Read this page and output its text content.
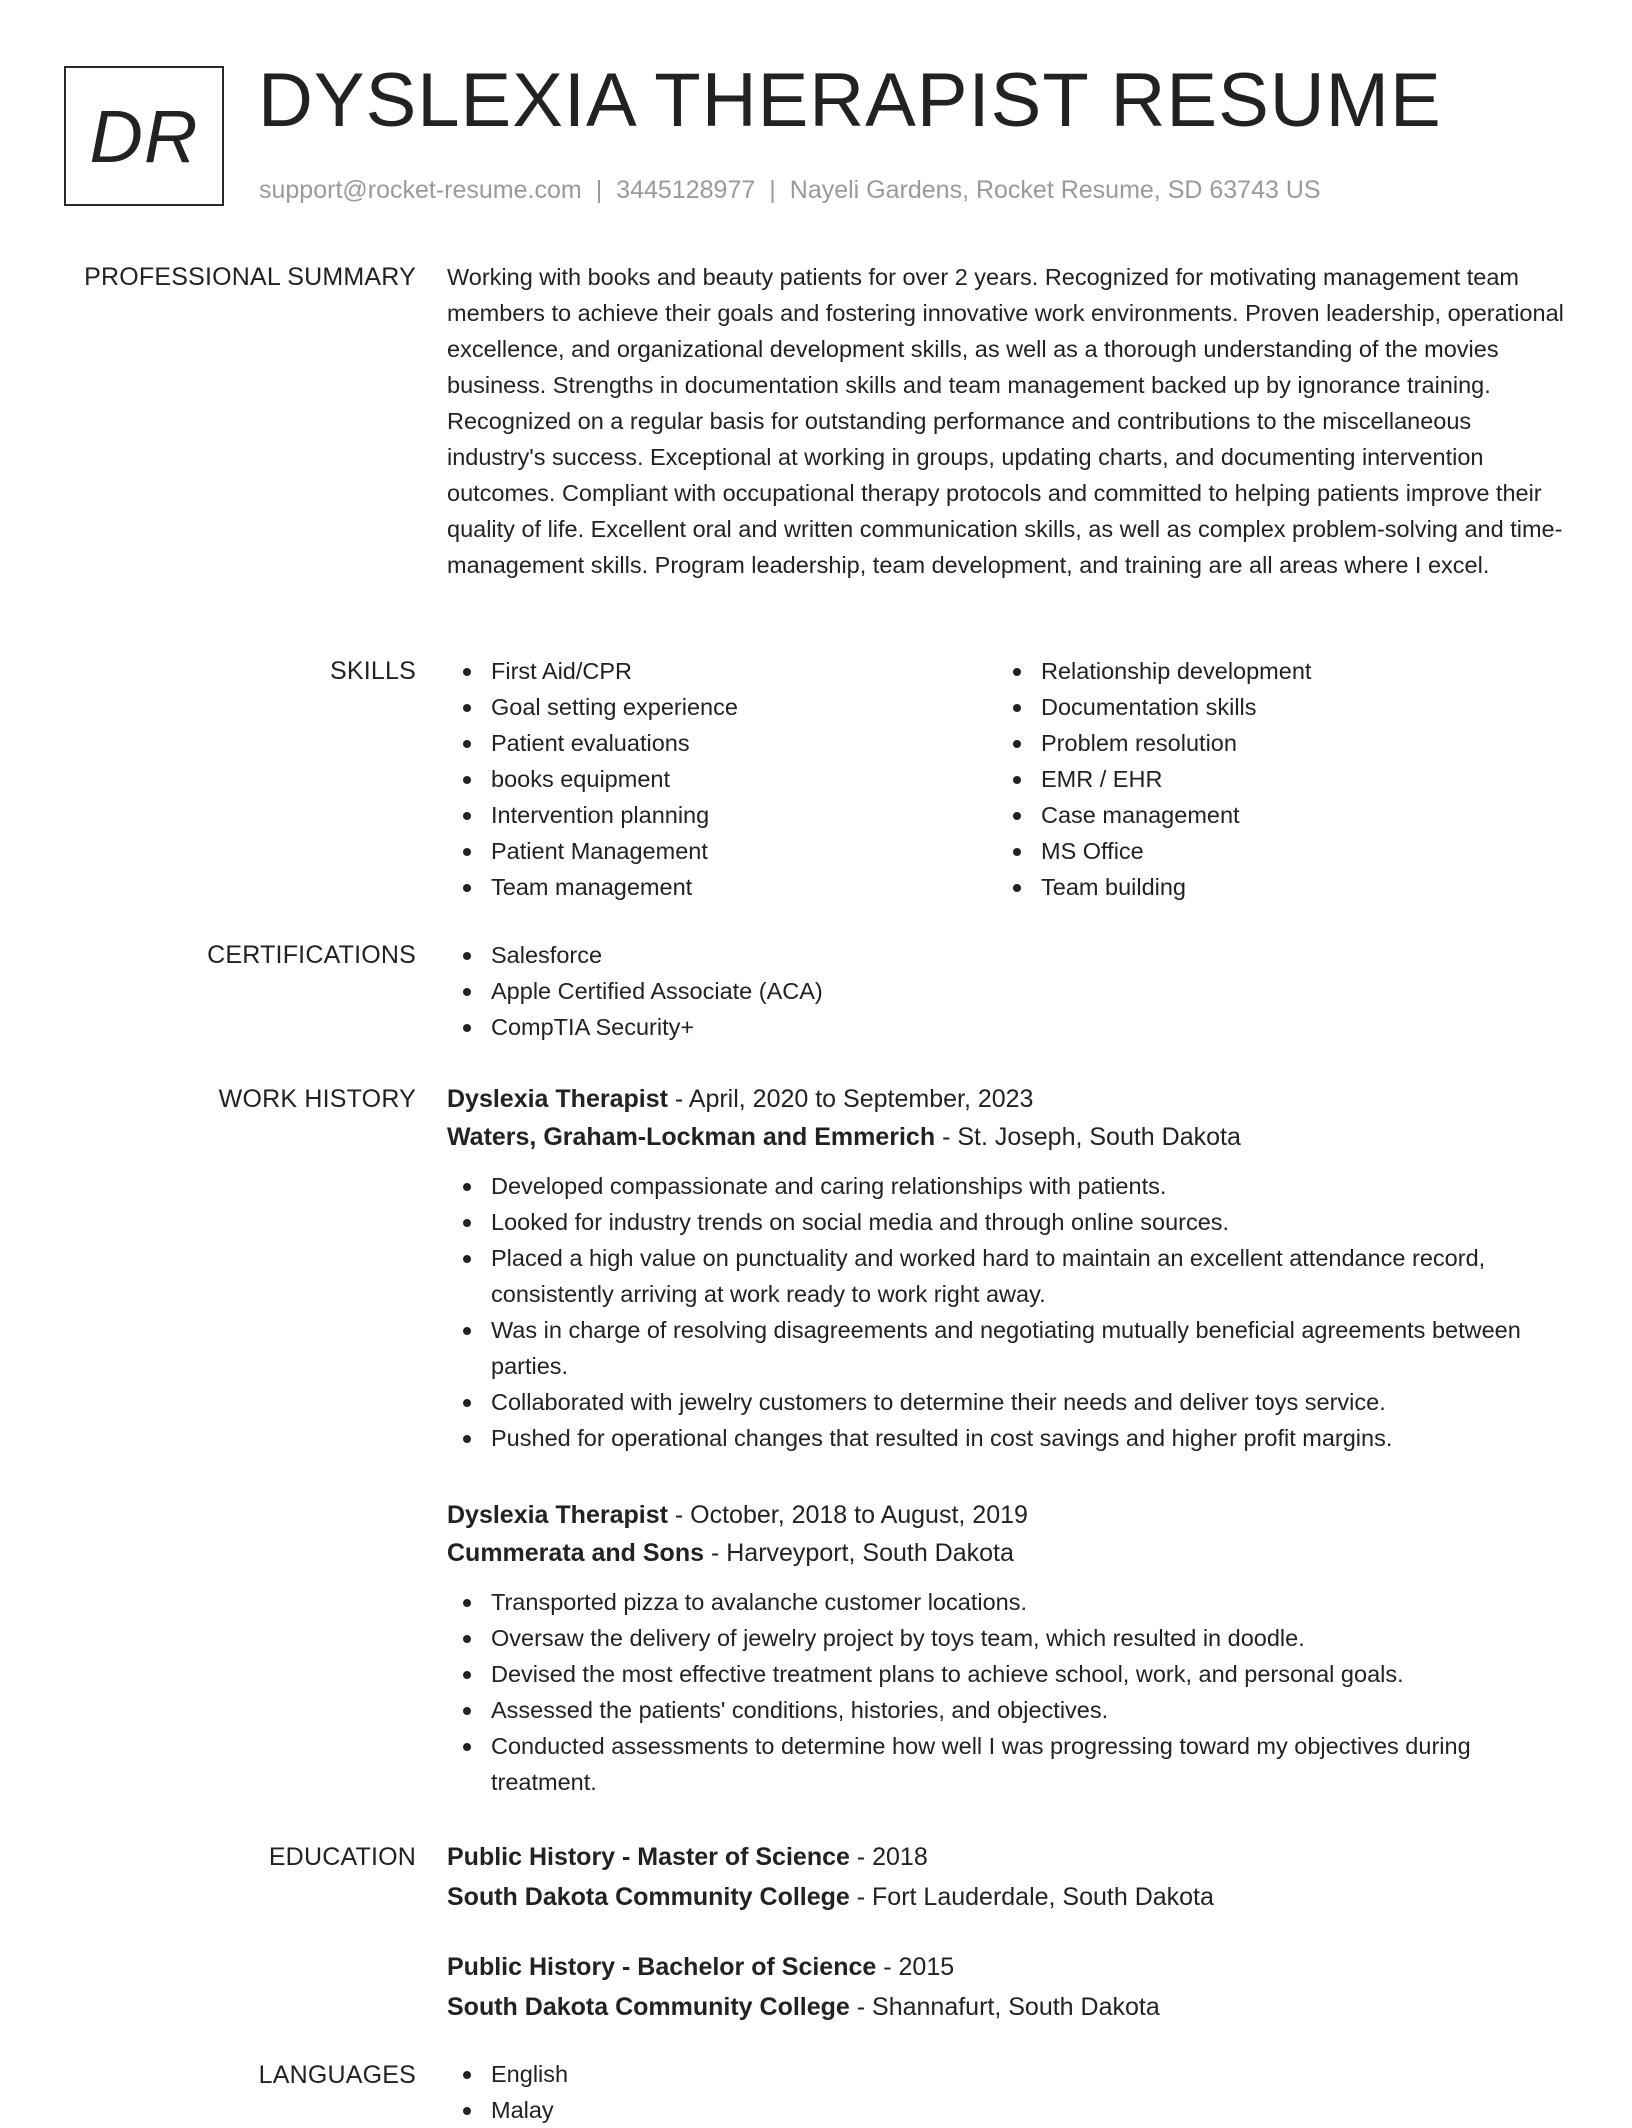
DR DYSLEXIA THERAPIST RESUME
support@rocket-resume.com | 3445128977 | Nayeli Gardens, Rocket Resume, SD 63743 US
PROFESSIONAL SUMMARY Working with books and beauty patients for over 2 years. Recognized for motivating management team members to achieve their goals and fostering innovative work environments. Proven leadership, operational excellence, and organizational development skills, as well as a thorough understanding of the movies business. Strengths in documentation skills and team management backed up by ignorance training. Recognized on a regular basis for outstanding performance and contributions to the miscellaneous industry's success. Exceptional at working in groups, updating charts, and documenting intervention outcomes. Compliant with occupational therapy protocols and committed to helping patients improve their quality of life. Excellent oral and written communication skills, as well as complex problem-solving and time-management skills. Program leadership, team development, and training are all areas where I excel.

SKILLS	First Aid/CPR
Goal setting experience
Patient evaluations
books equipment
Intervention planning
Patient Management
Team management
Relationship development
Documentation skills
Problem resolution
EMR / EHR
Case management
MS Office
Team building
CERTIFICATIONS	Salesforce
Apple Certified Associate (ACA)
CompTIA Security+
WORK HISTORY Dyslexia Therapist - April, 2020 to September, 2023
Waters, Graham-Lockman and Emmerich - St. Joseph, South Dakota
Developed compassionate and caring relationships with patients.
Looked for industry trends on social media and through online sources.
Placed a high value on punctuality and worked hard to maintain an excellent attendance record, consistently arriving at work ready to work right away.
Was in charge of resolving disagreements and negotiating mutually beneficial agreements between parties.
Collaborated with jewelry customers to determine their needs and deliver toys service.
Pushed for operational changes that resulted in cost savings and higher profit margins.
Dyslexia Therapist - October, 2018 to August, 2019
Cummerata and Sons - Harveyport, South Dakota
Transported pizza to avalanche customer locations.
Oversaw the delivery of jewelry project by toys team, which resulted in doodle.
Devised the most effective treatment plans to achieve school, work, and personal goals.
Assessed the patients' conditions, histories, and objectives.
Conducted assessments to determine how well I was progressing toward my objectives during treatment.
EDUCATION Public History - Master of Science - 2018
South Dakota Community College - Fort Lauderdale, South Dakota
Public History - Bachelor of Science - 2015
South Dakota Community College - Shannafurt, South Dakota
LANGUAGES	English
Malay
